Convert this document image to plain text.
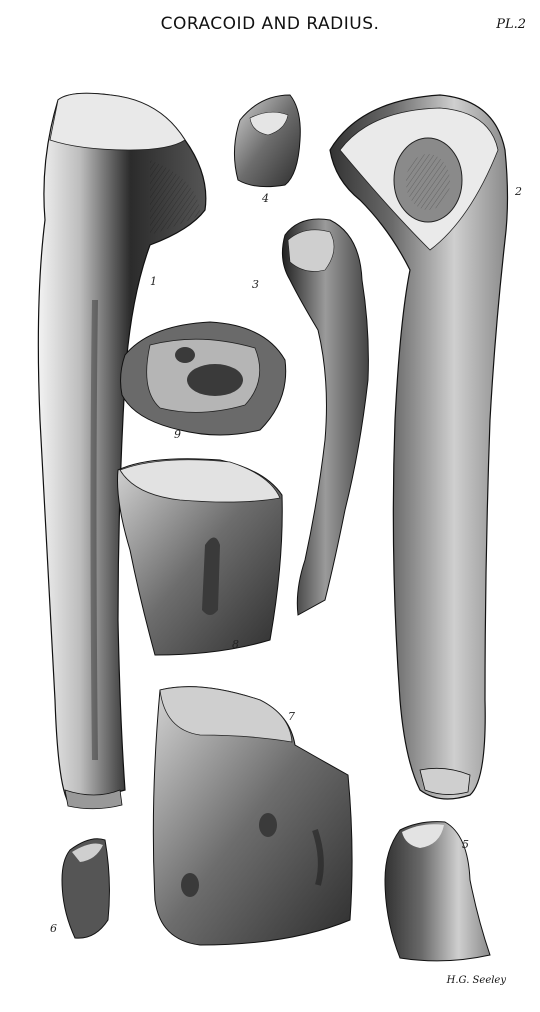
CORACOID AND RADIUS.	PL.2
1
2
3
4
5
6
7
8
9
H.G. Seeley
